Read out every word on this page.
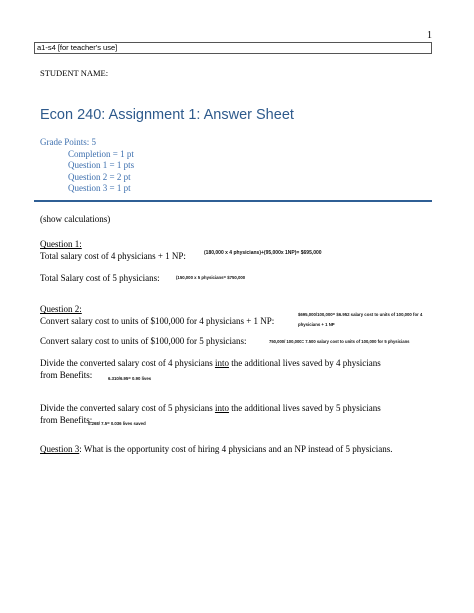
1
a1-s4 [for teacher's use]
STUDENT NAME:
Econ 240: Assignment 1: Answer Sheet
Grade Points: 5
Completion = 1 pt
Question 1 = 1 pts
Question 2 = 2 pt
Question 3 = 1 pt
(show calculations)
Question 1:
Total salary cost of 4 physicians + 1 NP:	(180,000 x 4 physicians)+(95,000x 1NP)= $695,000
Total Salary cost of 5 physicians:	(150,000 x 5 physicians= $750,000
Question 2:
Convert salary cost to units of $100,000 for 4 physicians + 1 NP:
$695,000/100,000= $6.952 salary cost to units of 100,000 for 4
physicians + 1 NP
Convert salary cost to units of $100,000 for 5 physicians:	750,000/ 100,000= 7.500 salary cost to units of 100,000 for 5 physicians
Divide the converted salary cost of 4 physicians into the additional lives saved by 4 physicians
from Benefits:	6.310/6.95= 0.90 lives
Divide the converted salary cost of 5 physicians into the additional lives saved by 5 physicians
from Benefits:
0.268/ 7.5= 0.036 lives saved
Question 3: What is the opportunity cost of hiring 4 physicians and an NP instead of 5 physicians.
